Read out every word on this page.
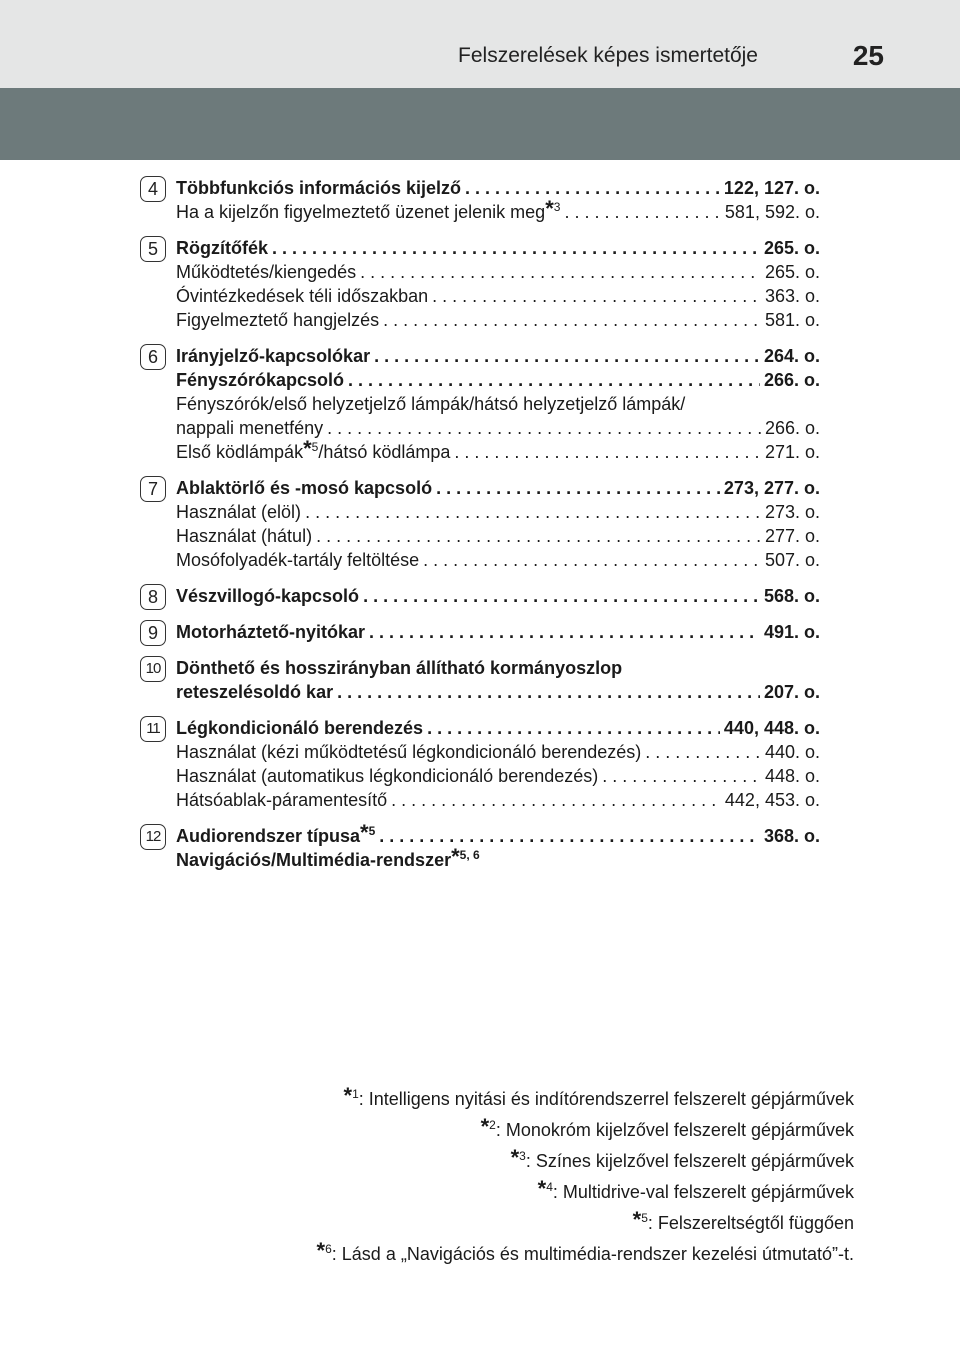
Felszerelések képes ismertetője	25
4	Többfunkciós információs kijelző . . .	122, 127. o.
Ha a kijelzőn figyelmeztető üzenet jelenik meg*$^3$ . . .	581, 592. o.
5	Rögzítőfék . . .	265. o.
Működtetés/kiengedés . . .	265. o.
Óvintézkedések téli időszakban . . .	363. o.
Figyelmeztető hangjelzés . . .	581. o.
6	Irányjelző-kapcsolókar . . .	264. o.
Fényszórókapcsoló . . .	266. o.
Fényszórók/első helyzetjelző lámpák/hátsó helyzetjelző lámpák/
nappali menetfény . . .	266. o.
Első ködlámpák*$^5$/hátsó ködlámpa . . .	271. o.
7	Ablaktörlő és -mosó kapcsoló . . .	273, 277. o.
Használat (elöl) . . .	273. o.
Használat (hátul) . . .	277. o.
Mosófolyadék-tartály feltöltése . . .	507. o.
8	Vészvillogó-kapcsoló . . .	568. o.
9	Motorháztető-nyitókar . . .	491. o.
10 Dönthető és hosszirányban állítható kormányoszlop
reteszelésoldó kar . . .	207. o.
11 Légkondicionáló berendezés . . .	440, 448. o.
Használat (kézi működtetésű légkondicionáló berendezés) . . .	440. o.
Használat (automatikus légkondicionáló berendezés) . . .	448. o.
Hátsóablak-páramentesítő . . .	442, 453. o.
12 Audiorendszer típusa*$^5$ . . .	368. o.
Navigációs/Multimédia-rendszer*$^{5, 6}$
*$^1$: Intelligens nyitási és indítórendszerrel felszerelt gépjárművek
*$^2$: Monokróm kijelzővel felszerelt gépjárművek
*$^3$: Színes kijelzővel felszerelt gépjárművek
*$^4$: Multidrive-val felszerelt gépjárművek
*$^5$: Felszereltségtől függően
*$^6$: Lásd a „Navigációs és multimédia-rendszer kezelési útmutató”-t.
